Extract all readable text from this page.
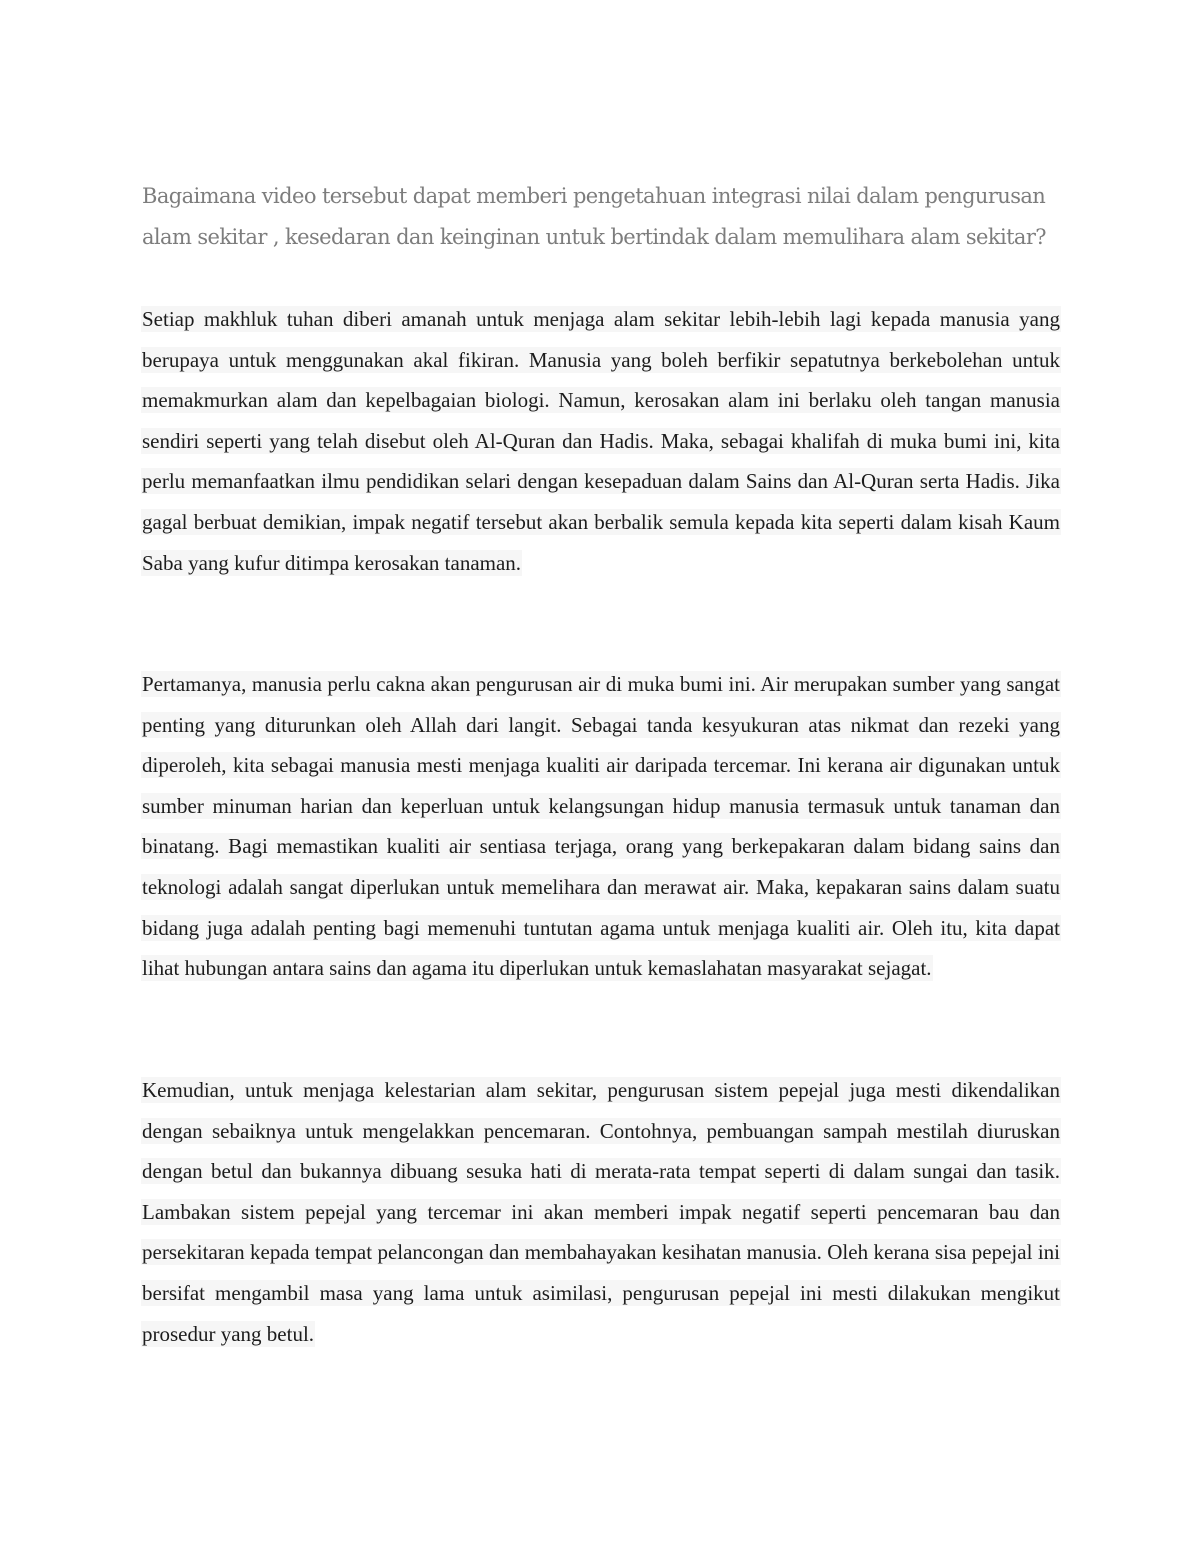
Bagaimana video tersebut dapat memberi pengetahuan integrasi nilai dalam pengurusan alam sekitar , kesedaran dan keinginan untuk bertindak dalam memulihara alam sekitar?
Setiap makhluk tuhan diberi amanah untuk menjaga alam sekitar lebih-lebih lagi kepada manusia yang berupaya untuk menggunakan akal fikiran. Manusia yang boleh berfikir sepatutnya berkebolehan untuk memakmurkan alam dan kepelbagaian biologi. Namun, kerosakan alam ini berlaku oleh tangan manusia sendiri seperti yang telah disebut oleh Al-Quran dan Hadis. Maka, sebagai khalifah di muka bumi ini, kita perlu memanfaatkan ilmu pendidikan selari dengan kesepaduan dalam Sains dan Al-Quran serta Hadis. Jika gagal berbuat demikian, impak negatif tersebut akan berbalik semula kepada kita seperti dalam kisah Kaum Saba yang kufur ditimpa kerosakan tanaman.
Pertamanya, manusia perlu cakna akan pengurusan air di muka bumi ini. Air merupakan sumber yang sangat penting yang diturunkan oleh Allah dari langit. Sebagai tanda kesyukuran atas nikmat dan rezeki yang diperoleh, kita sebagai manusia mesti menjaga kualiti air daripada tercemar. Ini kerana air digunakan untuk sumber minuman harian dan keperluan untuk kelangsungan hidup manusia termasuk untuk tanaman dan binatang. Bagi memastikan kualiti air sentiasa terjaga, orang yang berkepakaran dalam bidang sains dan teknologi adalah sangat diperlukan untuk memelihara dan merawat air. Maka, kepakaran sains dalam suatu bidang juga adalah penting bagi memenuhi tuntutan agama untuk menjaga kualiti air. Oleh itu, kita dapat lihat hubungan antara sains dan agama itu diperlukan untuk kemaslahatan masyarakat sejagat.
Kemudian, untuk menjaga kelestarian alam sekitar, pengurusan sistem pepejal juga mesti dikendalikan dengan sebaiknya untuk mengelakkan pencemaran. Contohnya, pembuangan sampah mestilah diuruskan dengan betul dan bukannya dibuang sesuka hati di merata-rata tempat seperti di dalam sungai dan tasik. Lambakan sistem pepejal yang tercemar ini akan memberi impak negatif seperti pencemaran bau dan persekitaran kepada tempat pelancongan dan membahayakan kesihatan manusia. Oleh kerana sisa pepejal ini bersifat mengambil masa yang lama untuk asimilasi, pengurusan pepejal ini mesti dilakukan mengikut prosedur yang betul.
